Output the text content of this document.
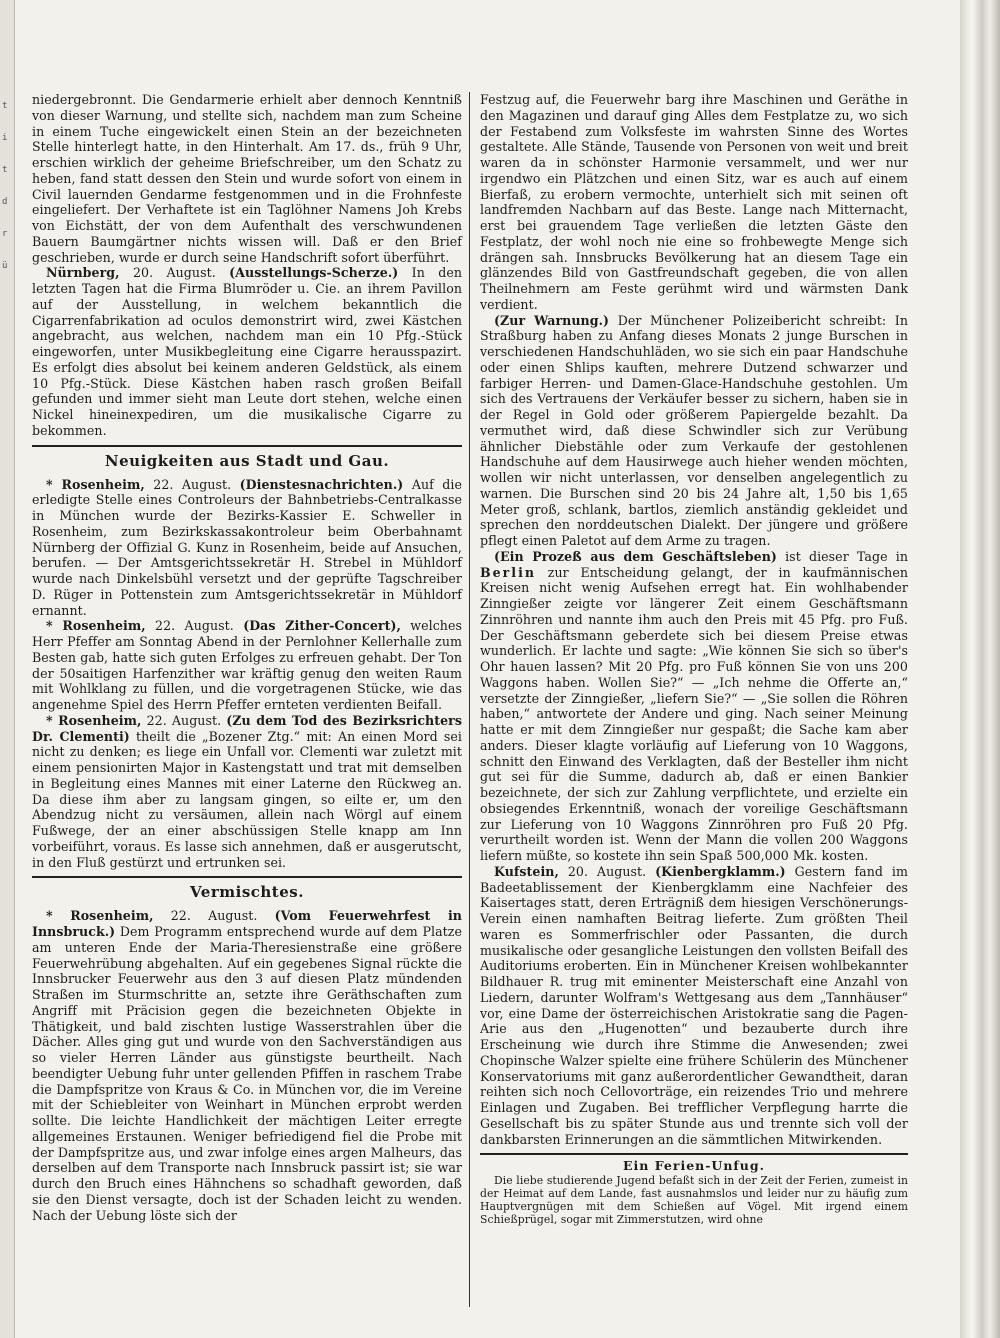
t
i
t
d
r
ü

niedergebronnt. Die Gendarmerie erhielt aber dennoch Kenntniß von dieser Warnung, und stellte sich, nachdem man zum Scheine in einem Tuche eingewickelt einen Stein an der bezeichneten Stelle hinterlegt hatte, in den Hinterhalt. Am 17. ds., früh 9 Uhr, erschien wirklich der geheime Briefschreiber, um den Schatz zu heben, fand statt dessen den Stein und wurde sofort von einem in Civil lauernden Gendarme festgenommen und in die Frohnfeste eingeliefert. Der Verhaftete ist ein Taglöhner Namens Joh Krebs von Eichstätt, der von dem Aufenthalt des verschwundenen Bauern Baumgärtner nichts wissen will. Daß er den Brief geschrieben, wurde er durch seine Handschrift sofort überführt.

Nürnberg, 20. August. (Ausstellungs-Scherze.) In den letzten Tagen hat die Firma Blumröder u. Cie. an ihrem Pavillon auf der Ausstellung, in welchem bekanntlich die Cigarrenfabrikation ad oculos demonstrirt wird, zwei Kästchen angebracht, aus welchen, nachdem man ein 10 Pfg.-Stück eingeworfen, unter Musikbegleitung eine Cigarre herausspazirt. Es erfolgt dies absolut bei keinem anderen Geldstück, als einem 10 Pfg.-Stück. Diese Kästchen haben rasch großen Beifall gefunden und immer sieht man Leute dort stehen, welche einen Nickel hineinexpediren, um die musikalische Cigarre zu bekommen.

Neuigkeiten aus Stadt und Gau.

* Rosenheim, 22. August. (Dienstesnachrichten.) Auf die erledigte Stelle eines Controleurs der Bahnbetriebs-Centralkasse in München wurde der Bezirks-Kassier E. Schweller in Rosenheim, zum Bezirkskassakontroleur beim Oberbahnamt Nürnberg der Offizial G. Kunz in Rosenheim, beide auf Ansuchen, berufen. — Der Amtsgerichtssekretär H. Strebel in Mühldorf wurde nach Dinkelsbühl versetzt und der geprüfte Tagschreiber D. Rüger in Pottenstein zum Amtsgerichtssekretär in Mühldorf ernannt.

* Rosenheim, 22. August. (Das Zither-Concert), welches Herr Pfeffer am Sonntag Abend in der Pernlohner Kellerhalle zum Besten gab, hatte sich guten Erfolges zu erfreuen gehabt. Der Ton der 50saitigen Harfenzither war kräftig genug den weiten Raum mit Wohlklang zu füllen, und die vorgetragenen Stücke, wie das angenehme Spiel des Herrn Pfeffer ernteten verdienten Beifall.

* Rosenheim, 22. August. (Zu dem Tod des Bezirksrichters Dr. Clementi) theilt die „Bozener Ztg.“ mit: An einen Mord sei nicht zu denken; es liege ein Unfall vor. Clementi war zuletzt mit einem pensionirten Major in Kastengstatt und trat mit demselben in Begleitung eines Mannes mit einer Laterne den Rückweg an. Da diese ihm aber zu langsam gingen, so eilte er, um den Abendzug nicht zu versäumen, allein nach Wörgl auf einem Fußwege, der an einer abschüssigen Stelle knapp am Inn vorbeiführt, voraus. Es lasse sich annehmen, daß er ausgerutscht, in den Fluß gestürzt und ertrunken sei.

Vermischtes.

* Rosenheim, 22. August. (Vom Feuerwehrfest in Innsbruck.) Dem Programm entsprechend wurde auf dem Platze am unteren Ende der Maria-Theresienstraße eine größere Feuerwehrübung abgehalten. Auf ein gegebenes Signal rückte die Innsbrucker Feuerwehr aus den 3 auf diesen Platz mündenden Straßen im Sturmschritte an, setzte ihre Geräthschaften zum Angriff mit Präcision gegen die bezeichneten Objekte in Thätigkeit, und bald zischten lustige Wasserstrahlen über die Dächer. Alles ging gut und wurde von den Sachverständigen aus so vieler Herren Länder aus günstigste beurtheilt. Nach beendigter Uebung fuhr unter gellenden Pfiffen in raschem Trabe die Dampfspritze von Kraus & Co. in München vor, die im Vereine mit der Schiebleiter von Weinhart in München erprobt werden sollte. Die leichte Handlichkeit der mächtigen Leiter erregte allgemeines Erstaunen. Weniger befriedigend fiel die Probe mit der Dampfspritze aus, und zwar infolge eines argen Malheurs, das derselben auf dem Transporte nach Innsbruck passirt ist; sie war durch den Bruch eines Hähnchens so schadhaft geworden, daß sie den Dienst versagte, doch ist der Schaden leicht zu wenden. Nach der Uebung löste sich der

Festzug auf, die Feuerwehr barg ihre Maschinen und Geräthe in den Magazinen und darauf ging Alles dem Festplatze zu, wo sich der Festabend zum Volksfeste im wahrsten Sinne des Wortes gestaltete. Alle Stände, Tausende von Personen von weit und breit waren da in schönster Harmonie versammelt, und wer nur irgendwo ein Plätzchen und einen Sitz, war es auch auf einem Bierfaß, zu erobern vermochte, unterhielt sich mit seinen oft landfremden Nachbarn auf das Beste. Lange nach Mitternacht, erst bei grauendem Tage verließen die letzten Gäste den Festplatz, der wohl noch nie eine so frohbewegte Menge sich drängen sah. Innsbrucks Bevölkerung hat an diesem Tage ein glänzendes Bild von Gastfreundschaft gegeben, die von allen Theilnehmern am Feste gerühmt wird und wärmsten Dank verdient.

(Zur Warnung.) Der Münchener Polizeibericht schreibt: In Straßburg haben zu Anfang dieses Monats 2 junge Burschen in verschiedenen Handschuhläden, wo sie sich ein paar Handschuhe oder einen Shlips kauften, mehrere Dutzend schwarzer und farbiger Herren- und Damen-Glace-Handschuhe gestohlen. Um sich des Vertrauens der Verkäufer besser zu sichern, haben sie in der Regel in Gold oder größerem Papiergelde bezahlt. Da vermuthet wird, daß diese Schwindler sich zur Verübung ähnlicher Diebstähle oder zum Verkaufe der gestohlenen Handschuhe auf dem Hausirwege auch hieher wenden möchten, wollen wir nicht unterlassen, vor denselben angelegentlich zu warnen. Die Burschen sind 20 bis 24 Jahre alt, 1,50 bis 1,65 Meter groß, schlank, bartlos, ziemlich anständig gekleidet und sprechen den norddeutschen Dialekt. Der jüngere und größere pflegt einen Paletot auf dem Arme zu tragen.

(Ein Prozeß aus dem Geschäftsleben) ist dieser Tage in Berlin zur Entscheidung gelangt, der in kaufmännischen Kreisen nicht wenig Aufsehen erregt hat. Ein wohlhabender Zinngießer zeigte vor längerer Zeit einem Geschäftsmann Zinnröhren und nannte ihm auch den Preis mit 45 Pfg. pro Fuß. Der Geschäftsmann geberdete sich bei diesem Preise etwas wunderlich. Er lachte und sagte: „Wie können Sie sich so über's Ohr hauen lassen? Mit 20 Pfg. pro Fuß können Sie von uns 200 Waggons haben. Wollen Sie?“ — „Ich nehme die Offerte an,“ versetzte der Zinngießer, „liefern Sie?“ — „Sie sollen die Röhren haben,“ antwortete der Andere und ging. Nach seiner Meinung hatte er mit dem Zinngießer nur gespaßt; die Sache kam aber anders. Dieser klagte vorläufig auf Lieferung von 10 Waggons, schnitt den Einwand des Verklagten, daß der Besteller ihm nicht gut sei für die Summe, dadurch ab, daß er einen Bankier bezeichnete, der sich zur Zahlung verpflichtete, und erzielte ein obsiegendes Erkenntniß, wonach der voreilige Geschäftsmann zur Lieferung von 10 Waggons Zinnröhren pro Fuß 20 Pfg. verurtheilt worden ist. Wenn der Mann die vollen 200 Waggons liefern müßte, so kostete ihn sein Spaß 500,000 Mk. kosten.

Kufstein, 20. August. (Kienbergklamm.) Gestern fand im Badeetablissement der Kienbergklamm eine Nachfeier des Kaisertages statt, deren Erträgniß dem hiesigen Verschönerungs-Verein einen namhaften Beitrag lieferte. Zum größten Theil waren es Sommerfrischler oder Passanten, die durch musikalische oder gesangliche Leistungen den vollsten Beifall des Auditoriums eroberten. Ein in Münchener Kreisen wohlbekannter Bildhauer R. trug mit eminenter Meisterschaft eine Anzahl von Liedern, darunter Wolfram's Wettgesang aus dem „Tannhäuser“ vor, eine Dame der österreichischen Aristokratie sang die Pagen-Arie aus den „Hugenotten“ und bezauberte durch ihre Erscheinung wie durch ihre Stimme die Anwesenden; zwei Chopinsche Walzer spielte eine frühere Schülerin des Münchener Konservatoriums mit ganz außerordentlicher Gewandtheit, daran reihten sich noch Cellovorträge, ein reizendes Trio und mehrere Einlagen und Zugaben. Bei trefflicher Verpflegung harrte die Gesellschaft bis zu später Stunde aus und trennte sich voll der dankbarsten Erinnerungen an die sämmtlichen Mitwirkenden.

Ein Ferien-Unfug.

Die liebe studierende Jugend befaßt sich in der Zeit der Ferien, zumeist in der Heimat auf dem Lande, fast ausnahmslos und leider nur zu häufig zum Hauptvergnügen mit dem Schießen auf Vögel. Mit irgend einem Schießprügel, sogar mit Zimmerstutzen, wird ohne
